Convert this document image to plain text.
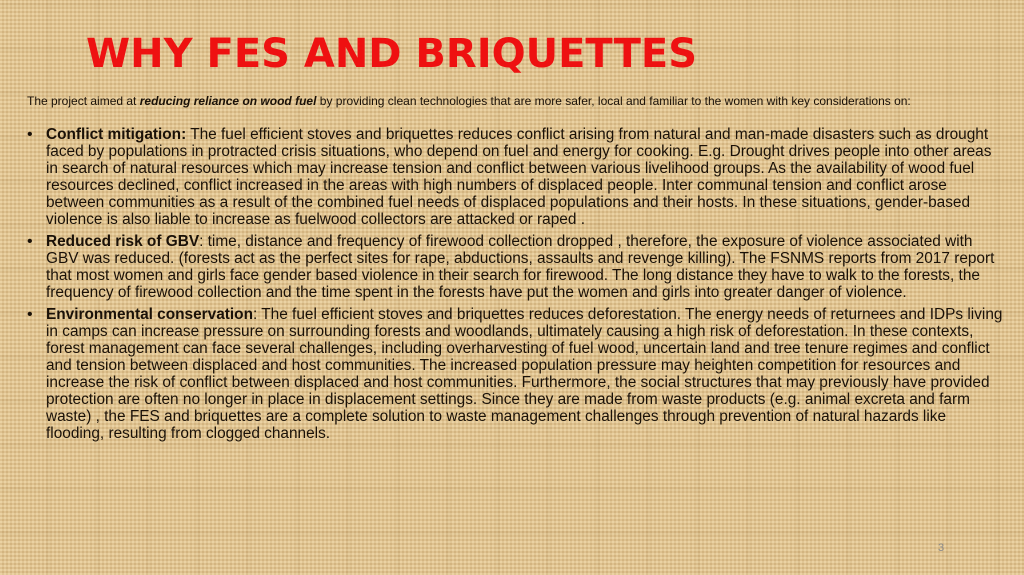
WHY FES AND BRIQUETTES

The project aimed at reducing reliance on wood fuel by providing clean technologies that are more safer, local and familiar to the women with key considerations on:

• Conflict mitigation: The fuel efficient stoves and briquettes reduces conflict arising from natural and man-made disasters such as drought faced by populations in protracted crisis situations, who depend on fuel and energy for cooking. E.g. Drought drives people into other areas in search of natural resources which may increase tension and conflict between various livelihood groups. As the availability of wood fuel resources declined, conflict increased in the areas with high numbers of displaced people. Inter communal tension and conflict arose between communities as a result of the combined fuel needs of displaced populations and their hosts. In these situations, gender-based violence is also liable to increase as fuelwood collectors are attacked or raped .
• Reduced risk of GBV: time, distance and frequency of firewood collection dropped , therefore, the exposure of violence associated with GBV was reduced. (forests act as the perfect sites for rape, abductions, assaults and revenge killing). The FSNMS reports from 2017 report that most women and girls face gender based violence in their search for firewood. The long distance they have to walk to the forests, the frequency of firewood collection and the time spent in the forests have put the women and girls into greater danger of violence.
• Environmental conservation: The fuel efficient stoves and briquettes reduces deforestation. The energy needs of returnees and IDPs living in camps can increase pressure on surrounding forests and woodlands, ultimately causing a high risk of deforestation. In these contexts, forest management can face several challenges, including overharvesting of fuel wood, uncertain land and tree tenure regimes and conflict and tension between displaced and host communities. The increased population pressure may heighten competition for resources and increase the risk of conflict between displaced and host communities. Furthermore, the social structures that may previously have provided protection are often no longer in place in displacement settings. Since they are made from waste products (e.g. animal excreta and farm waste) , the FES and briquettes are a complete solution to waste management challenges through prevention of natural hazards like flooding, resulting from clogged channels.
3
